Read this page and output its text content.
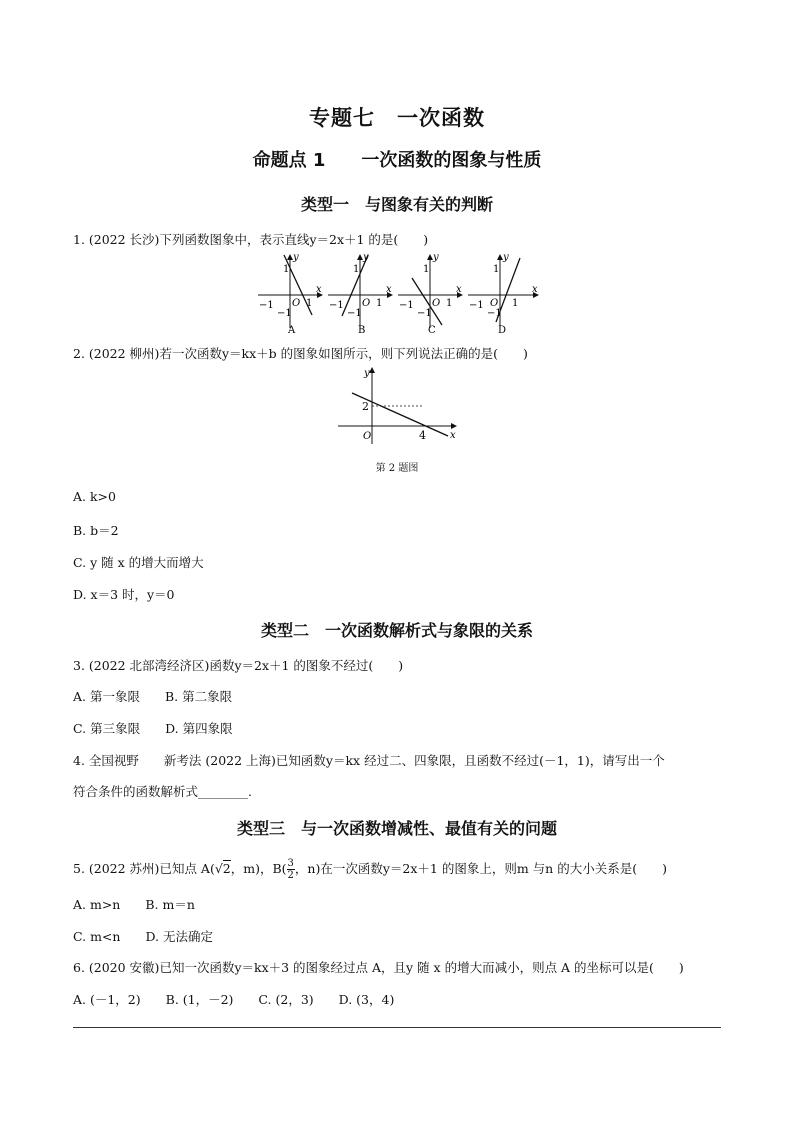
专题七　一次函数
命题点 1　　一次函数的图象与性质
类型一　与图象有关的判断
1. (2022 长沙)下列函数图象中，表示直线y＝2x＋1 的是(　　)
y
x
1
−1 O 1
−1
A
y
x
1
−1 O 1
−1
B
y
x
1
−1 O 1
−1
C
y
x
1
−1 O 1
−1
D
2. (2022 柳州)若一次函数y＝kx＋b 的图象如图所示，则下列说法正确的是(　　)
y
x
2
O	4
第 2 题图
A. k>0
B. b＝2
C. y 随 x 的增大而增大
D. x＝3 时，y＝0
类型二　一次函数解析式与象限的关系
3. (2022 北部湾经济区)函数y＝2x＋1 的图象不经过(　　)
A. 第一象限　　B. 第二象限
C. 第三象限　　D. 第四象限
4. 全国视野　　新考法 (2022 上海)已知函数y＝kx 经过二、四象限，且函数不经过(－1，1)，请写出一个
符合条件的函数解析式________.
类型三　与一次函数增减性、最值有关的问题
5. (2022 苏州)已知点 A(√2，m)，$B( \frac{3}{2}$ ，n)在一次函数y＝2x＋1 的图象上，则m 与n 的大小关系是(　　)
A. m>n　　B. m＝n
C. m<n　　D. 无法确定
6. (2020 安徽)已知一次函数y＝kx＋3 的图象经过点 A，且y 随 x 的增大而减小，则点 A 的坐标可以是(　　)
A. (－1，2)　　B. (1，－2)　　C. (2，3)　　D. (3，4)
